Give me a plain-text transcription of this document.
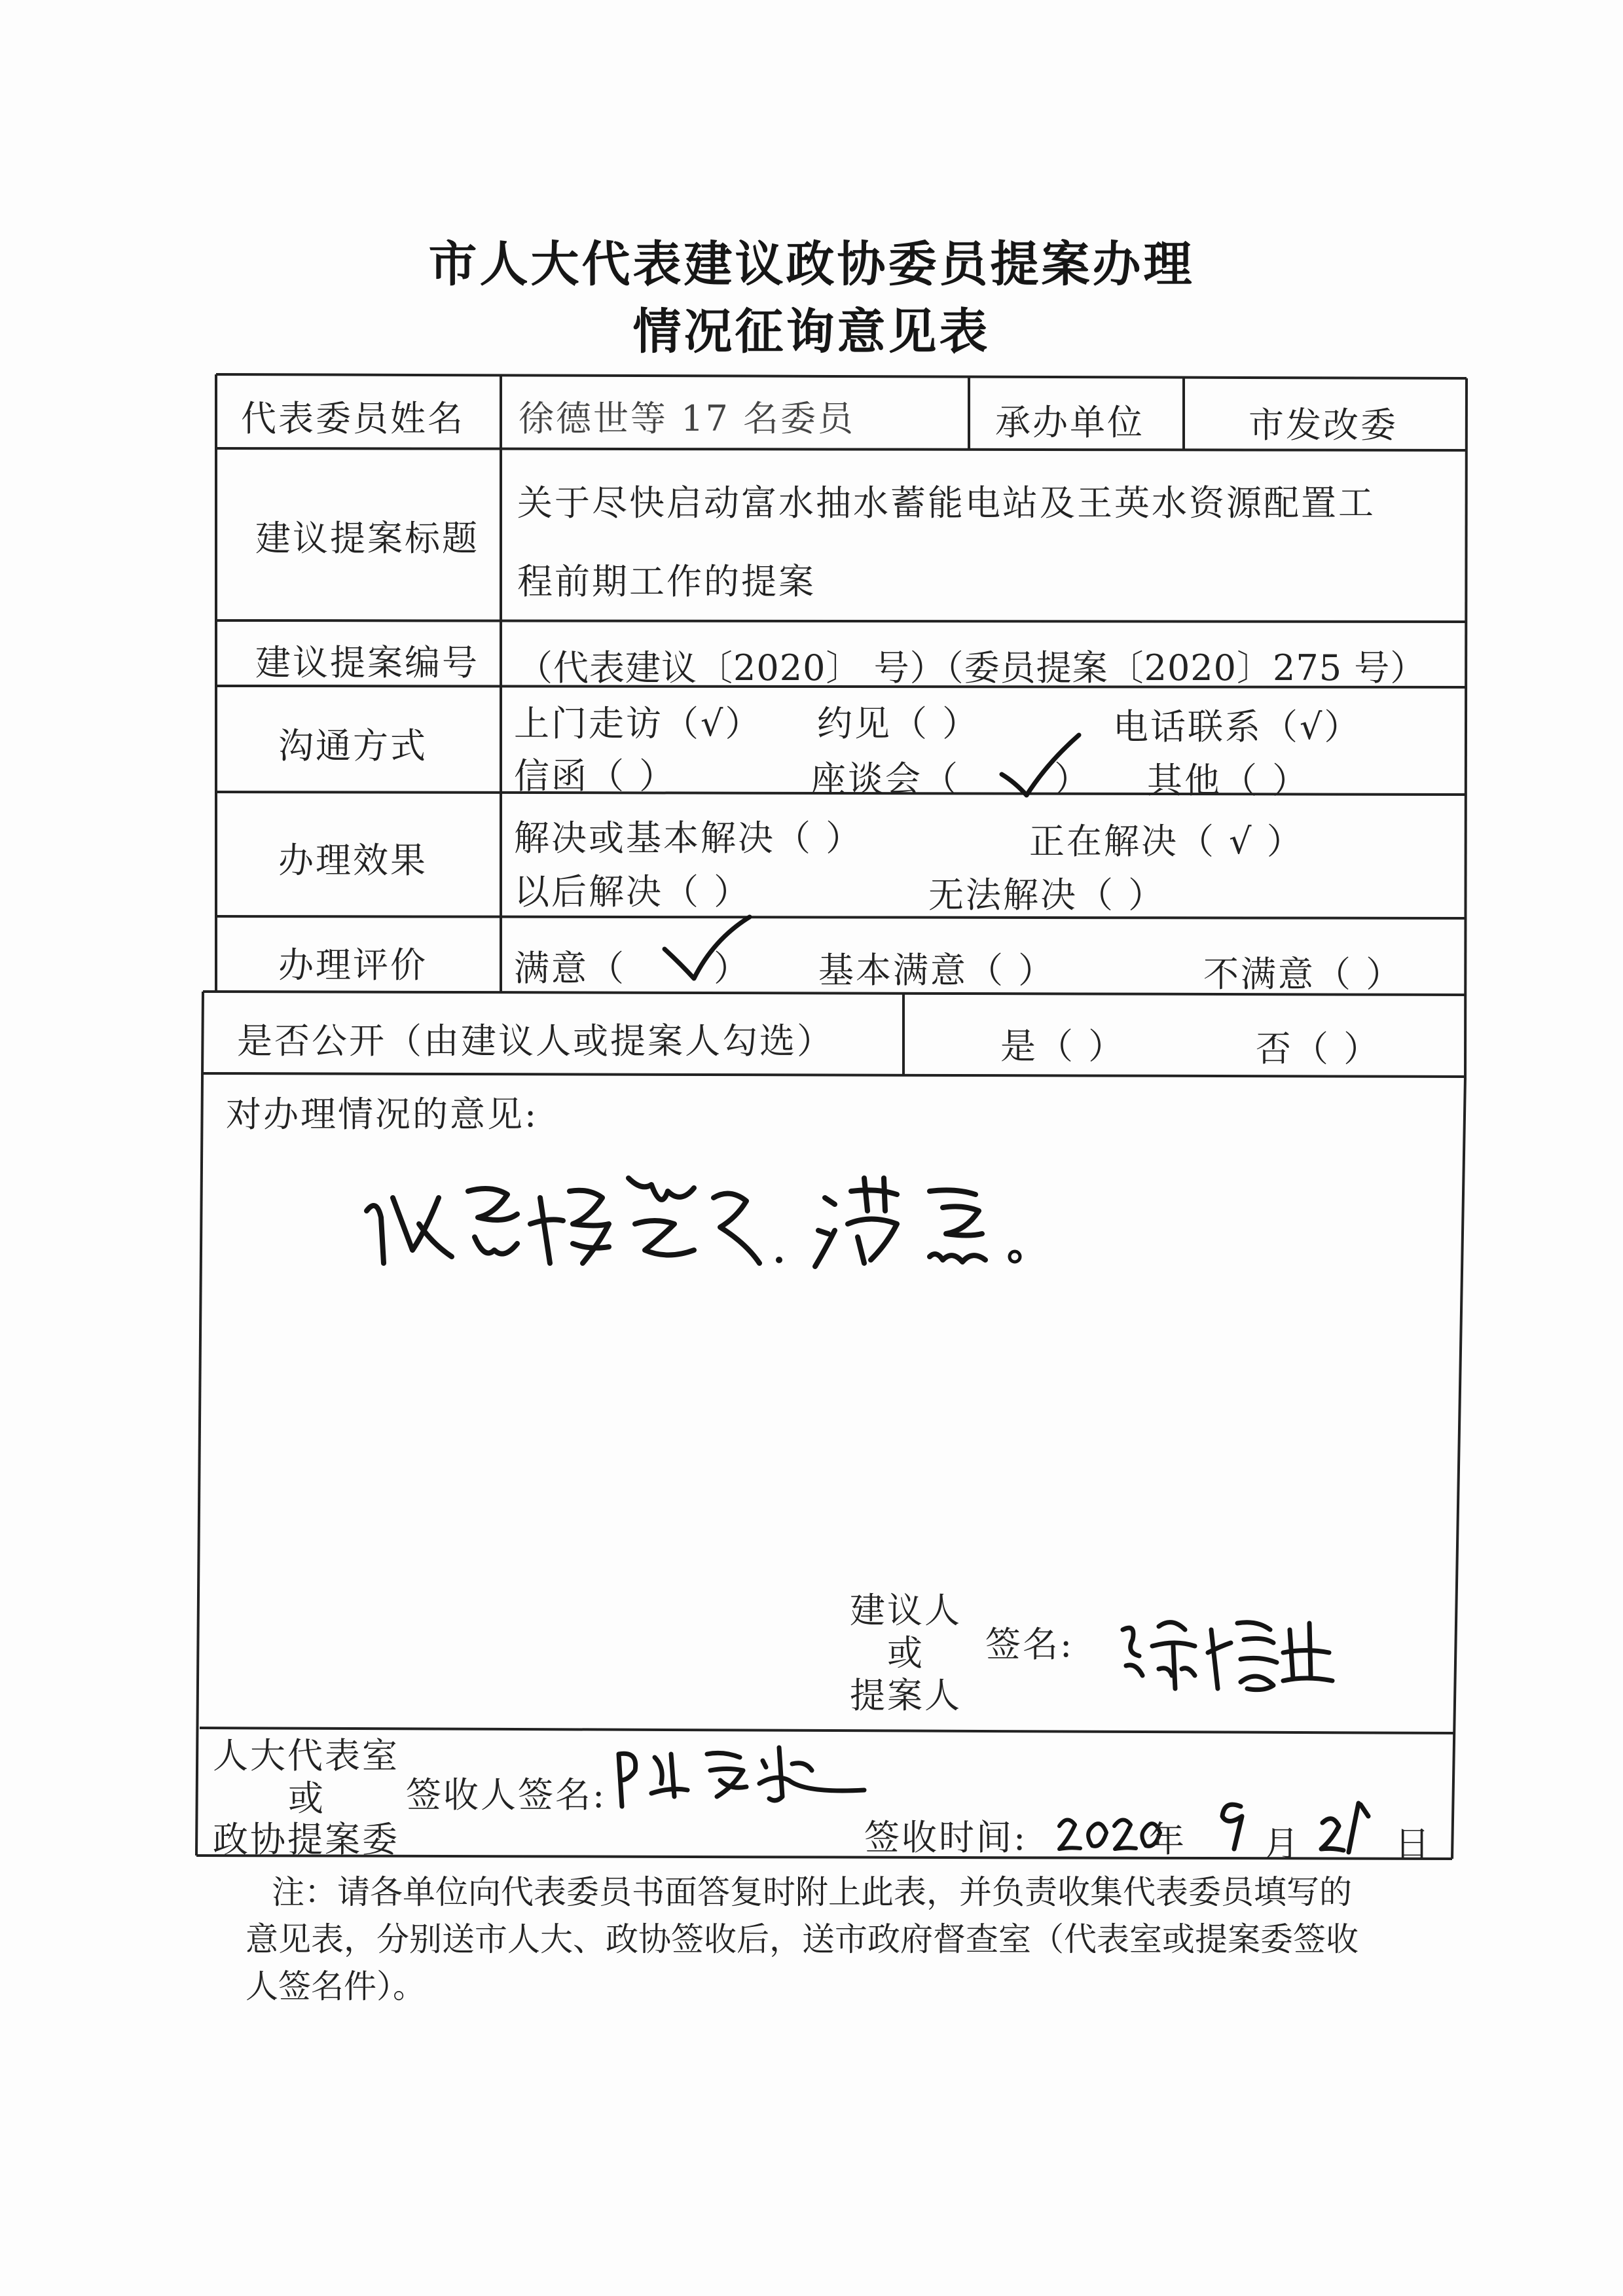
市人大代表建议政协委员提案办理
情况征询意见表
代表委员姓名 徐德世等 17 名委员	承办单位	市发改委
建议提案标题
关于尽快启动富水抽水蓄能电站及王英水资源配置工
程前期工作的提案
建议提案编号 （代表建议〔2020〕 号）（委员提案〔2020〕275 号）
沟通方式
上门走访（√） 约见（ ）	电话联系（√）
信函（ ）	座谈会（	） 其他（ ）
办理效果
解决或基本解决（ ）	正在解决（ √ ）
以后解决（ ）	无法解决（ ）
办理评价 满意（ ） 基本满意（ ）	不满意（ ）
是否公开（由建议人或提案人勾选）	是（ ）	否（ ）
对办理情况的意见:
建议人
或
提案人
签名:
人大代表室
或
政协提案委
签收人签名:
签收时间:	年 月	日
注：请各单位向代表委员书面答复时附上此表，并负责收集代表委员填写的意见表，分别送市人大、政协签收后，送市政府督查室（代表室或提案委签收人签名件）。
